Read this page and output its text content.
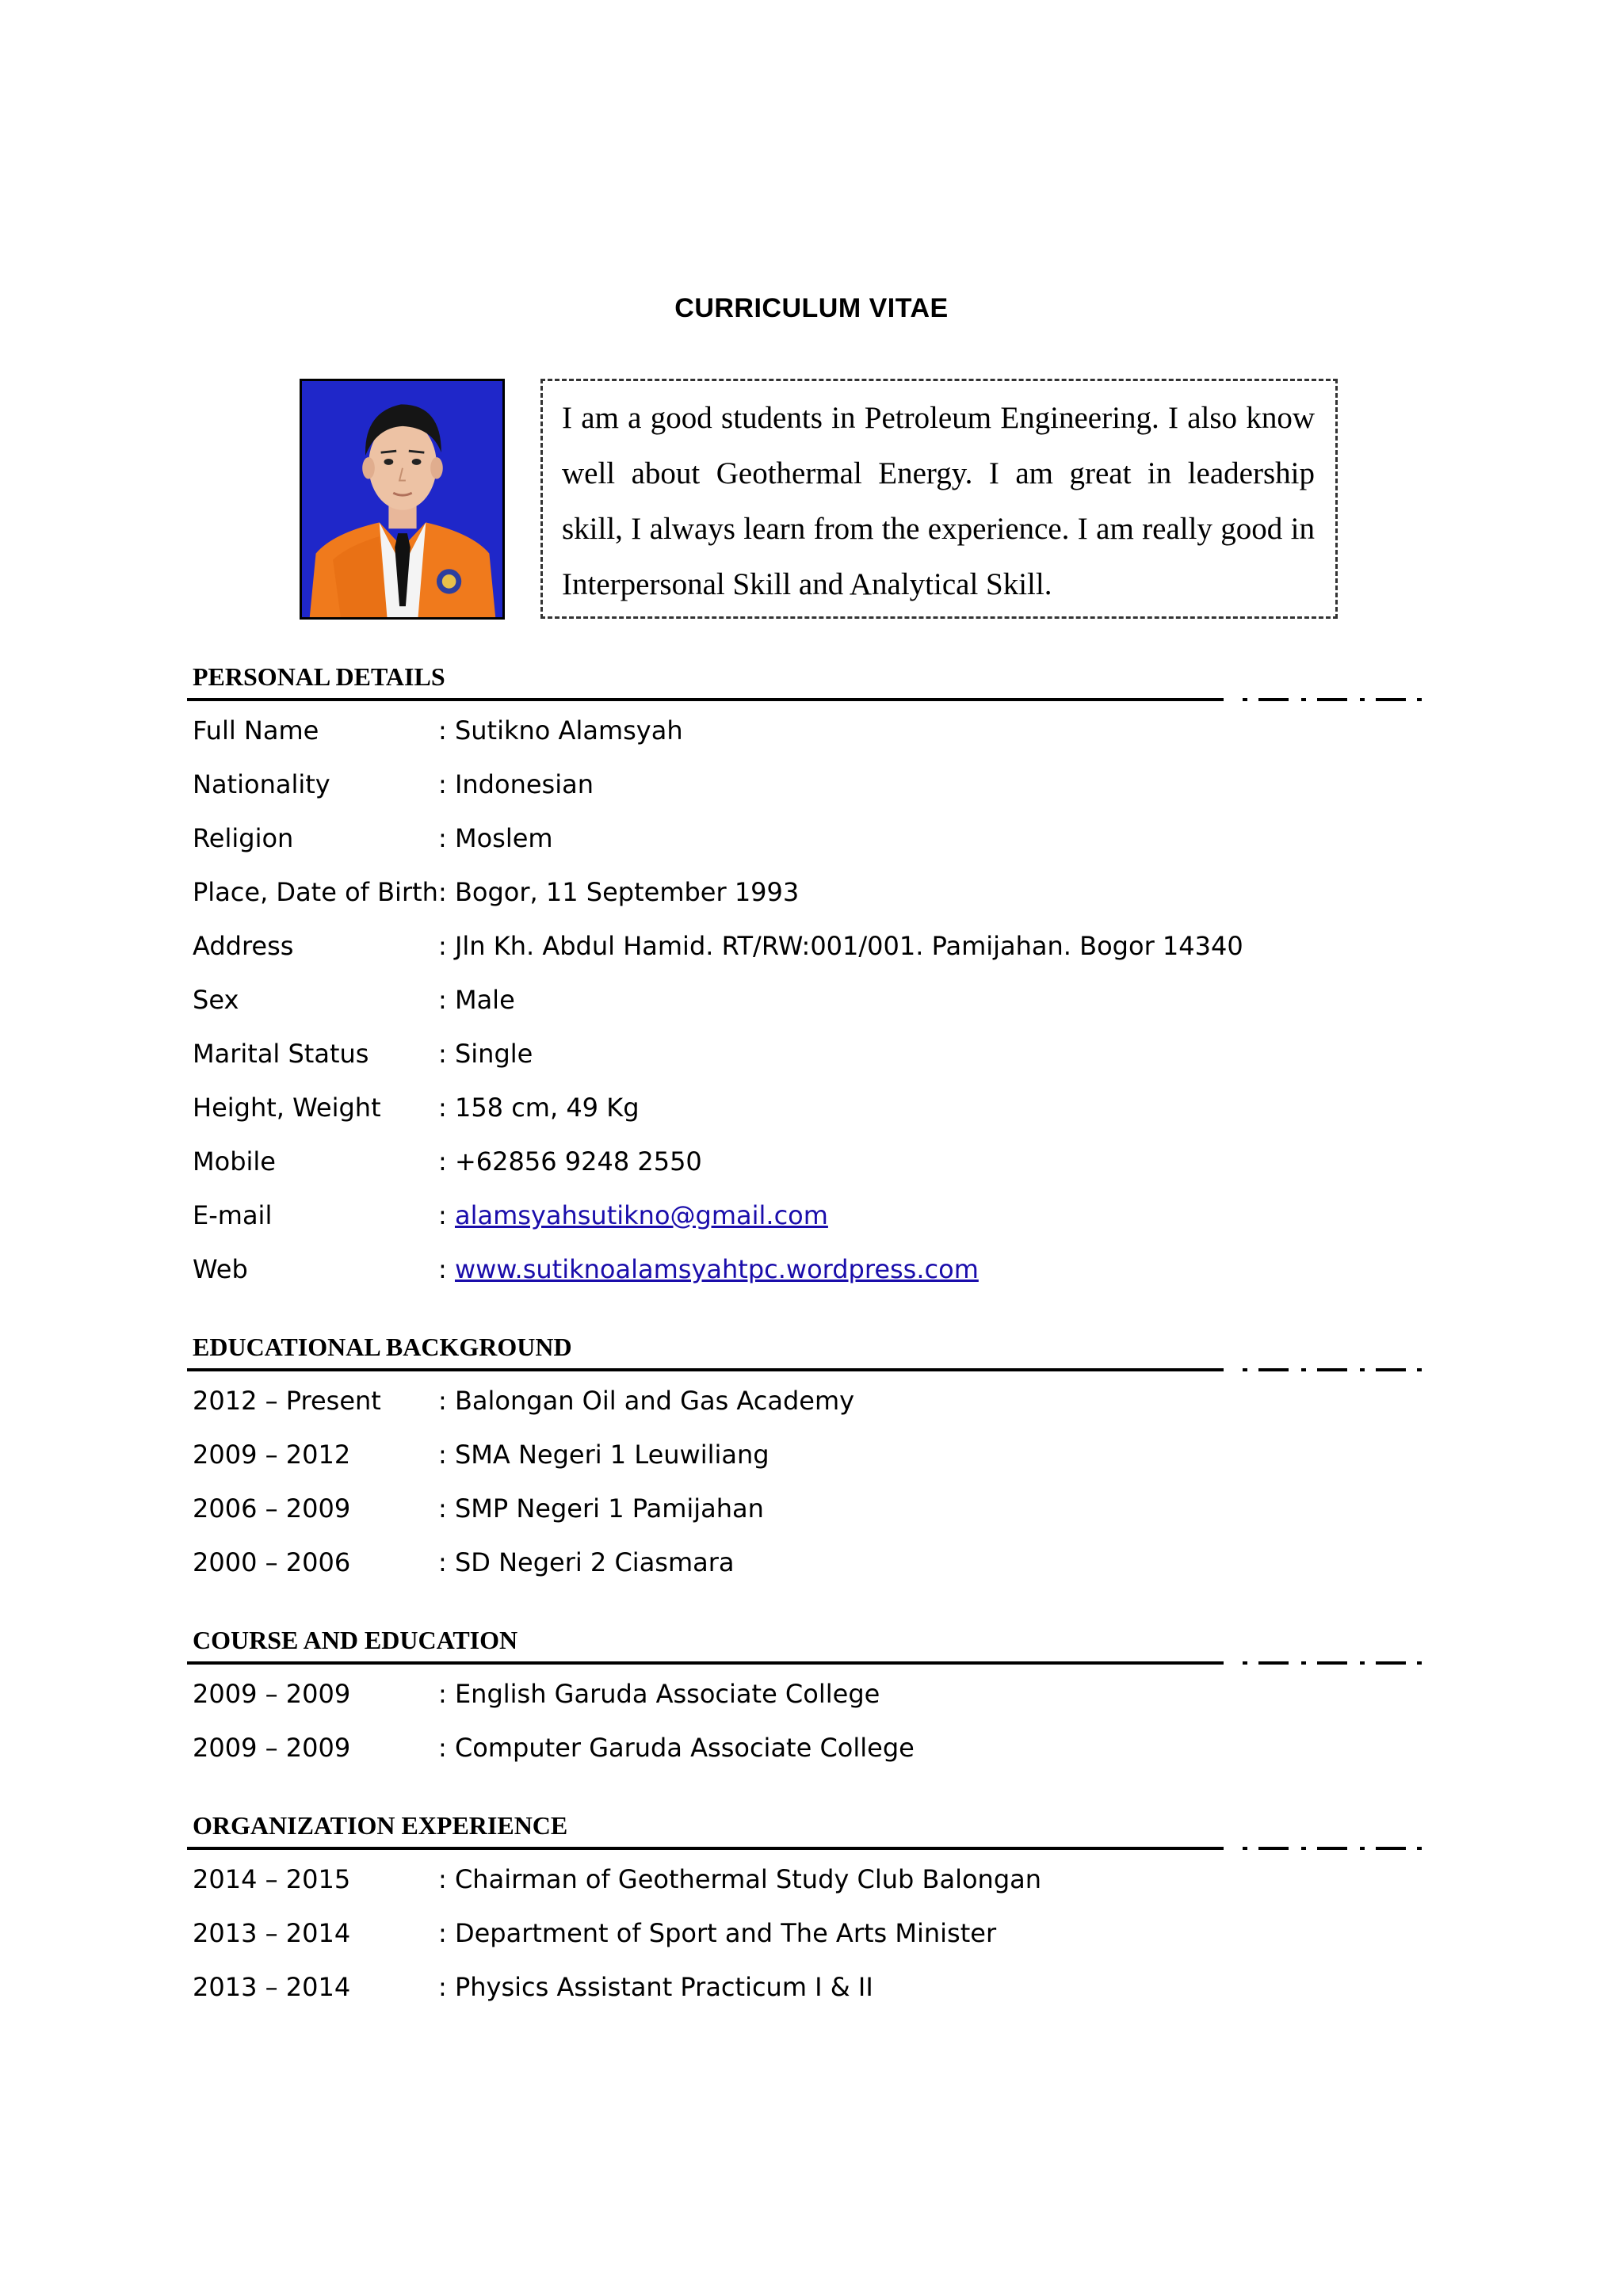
CURRICULUM VITAE

I am a good students in Petroleum Engineering. I also know well about Geothermal Energy. I am great in leadership skill, I always learn from the experience. I am really good in Interpersonal Skill and Analytical Skill.

PERSONAL DETAILS
Full Name	: Sutikno Alamsyah
Nationality	: Indonesian
Religion	: Moslem
Place, Date of Birth : Bogor, 11 September 1993
Address	: Jln Kh. Abdul Hamid. RT/RW:001/001. Pamijahan. Bogor 14340
Sex	: Male
Marital Status	: Single
Height, Weight : 158 cm, 49 Kg
Mobile	: +62856 9248 2550
E-mail	: alamsyahsutikno@gmail.com
Web	: www.sutiknoalamsyahtpc.wordpress.com
EDUCATIONAL BACKGROUND
2012 – Present : Balongan Oil and Gas Academy
2009 – 2012	: SMA Negeri 1 Leuwiliang
2006 – 2009	: SMP Negeri 1 Pamijahan
2000 – 2006	: SD Negeri 2 Ciasmara
COURSE AND EDUCATION
2009 – 2009	: English Garuda Associate College
2009 – 2009	: Computer Garuda Associate College
ORGANIZATION EXPERIENCE
2014 – 2015	: Chairman of Geothermal Study Club Balongan
2013 – 2014	: Department of Sport and The Arts Minister
2013 – 2014	: Physics Assistant Practicum I & II
